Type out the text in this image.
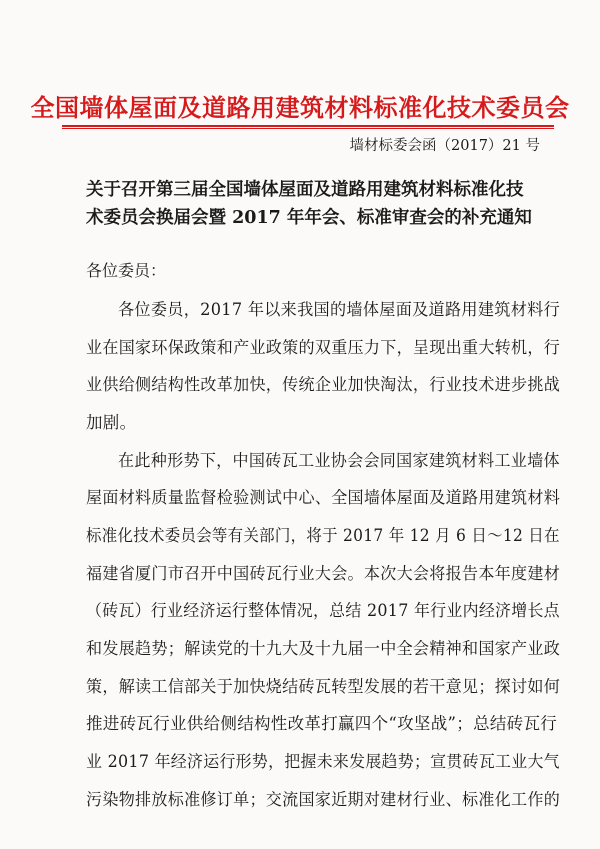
全国墙体屋面及道路用建筑材料标准化技术委员会
墙材标委会函（2017）21 号
关于召开第三届全国墙体屋面及道路用建筑材料标准化技
术委员会换届会暨 2017 年年会、标准审查会的补充通知
各位委员：
各位委员，2017 年以来我国的墙体屋面及道路用建筑材料行
业在国家环保政策和产业政策的双重压力下，呈现出重大转机，行
业供给侧结构性改革加快，传统企业加快淘汰，行业技术进步挑战
加剧。
在此种形势下，中国砖瓦工业协会会同国家建筑材料工业墙体
屋面材料质量监督检验测试中心、全国墙体屋面及道路用建筑材料
标准化技术委员会等有关部门，将于 2017 年 12 月 6 日～12 日在
福建省厦门市召开中国砖瓦行业大会。本次大会将报告本年度建材
（砖瓦）行业经济运行整体情况，总结 2017 年行业内经济增长点
和发展趋势；解读党的十九大及十九届一中全会精神和国家产业政
策，解读工信部关于加快烧结砖瓦转型发展的若干意见；探讨如何
推进砖瓦行业供给侧结构性改革打赢四个“攻坚战”；总结砖瓦行
业 2017 年经济运行形势，把握未来发展趋势；宣贯砖瓦工业大气
污染物排放标准修订单；交流国家近期对建材行业、标准化工作的
